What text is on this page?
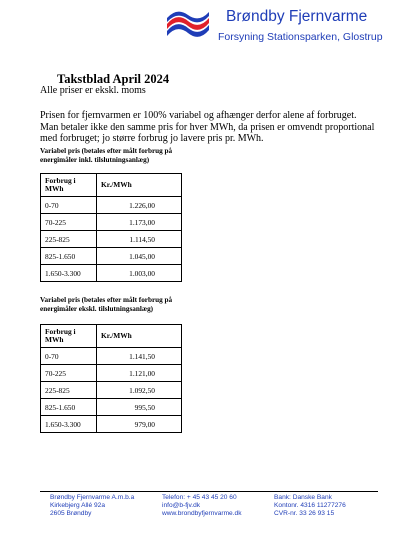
Brøndby Fjernvarme
Forsyning Stationsparken, Glostrup
Takstblad April 2024
Alle priser er ekskl. moms

Prisen for fjernvarmen er 100% variabel og afhænger derfor alene af forbruget.

Man betaler ikke den samme pris for hver MWh, da prisen er omvendt proportional med forbruget; jo større forbrug jo lavere pris pr. MWh.

Variabel pris (betales efter målt forbrug på
energimåler inkl. tilslutningsanlæg)
Forbrug i
MWh	Kr./MWh
0-70	1.226,00
70-225	1.173,00
225-825	1.114,50
825-1.650	1.045,00
1.650-3.300	1.003,00
Variabel pris (betales efter målt forbrug på
energimåler ekskl. tilslutningsanlæg)
Forbrug i
MWh	Kr./MWh
0-70	1.141,50
70-225	1.121,00
225-825	1.092,50
825-1.650	995,50
1.650-3.300	979,00
Brøndby Fjernvarme A.m.b.a
Kirkebjerg Allé 92a
2605 Brøndby
Telefon: + 45 43 45 20 60
info@b-fjv.dk
www.brondbyfjernvarme.dk
Bank: Danske Bank
Kontonr. 4316 11277276
CVR-nr. 33 26 93 15
